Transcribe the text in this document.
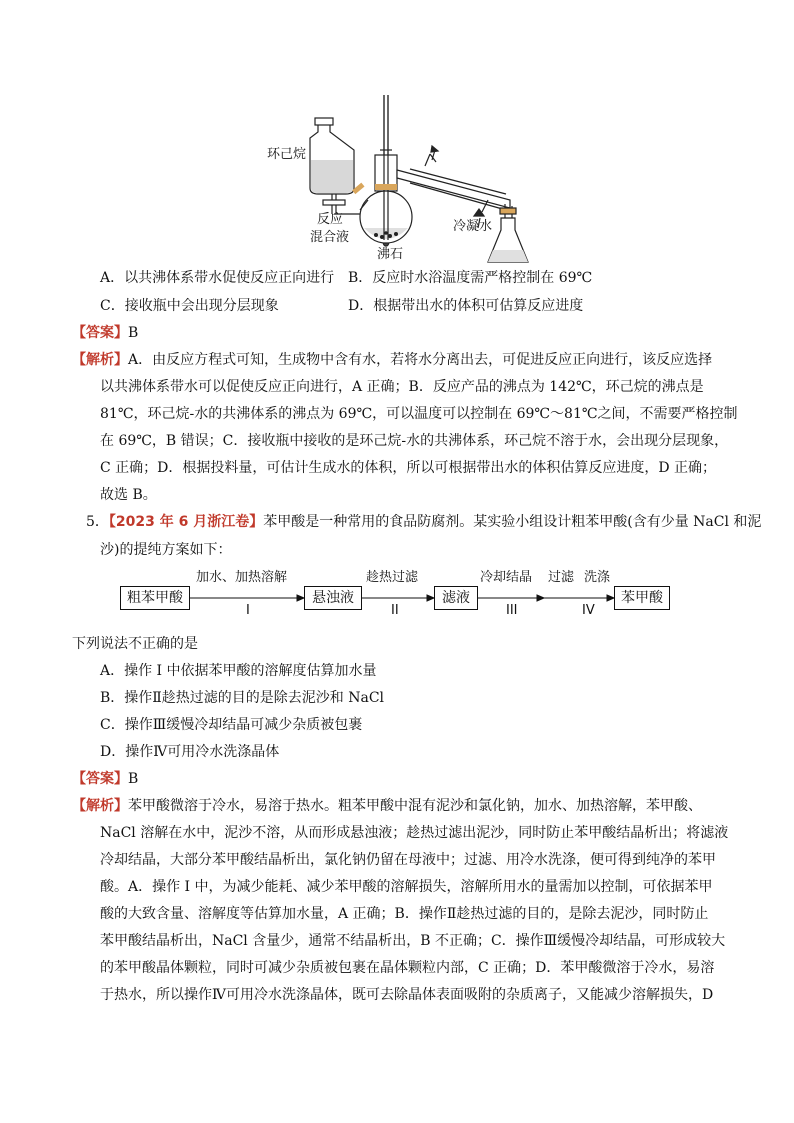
环己烷
反应
混合液
沸石
冷凝水
A．以共沸体系带水促使反应正向进行 B．反应时水浴温度需严格控制在 69℃
C．接收瓶中会出现分层现象	D．根据带出水的体积可估算反应进度
【答案】B
【解析】A．由反应方程式可知，生成物中含有水，若将水分离出去，可促进反应正向进行，该反应选择
以共沸体系带水可以促使反应正向进行，A 正确；B．反应产品的沸点为 142℃，环己烷的沸点是
81℃，环己烷-水的共沸体系的沸点为 69℃，可以温度可以控制在 69℃～81℃之间，不需要严格控制
在 69℃，B 错误；C．接收瓶中接收的是环己烷-水的共沸体系，环己烷不溶于水，会出现分层现象，
C 正确；D．根据投料量，可估计生成水的体积，所以可根据带出水的体积估算反应进度，D 正确；
故选 B。
5．【2023 年 6 月浙江卷】苯甲酸是一种常用的食品防腐剂。某实验小组设计粗苯甲酸(含有少量 NaCl 和泥
沙)的提纯方案如下：
粗苯甲酸	悬浊液	滤液	苯甲酸
加水、加热溶解
I
趁热过滤
II
冷却结晶
III
过滤 洗涤
IV
下列说法不正确的是
A．操作 I 中依据苯甲酸的溶解度估算加水量
B．操作Ⅱ趁热过滤的目的是除去泥沙和 NaCl
C．操作Ⅲ缓慢冷却结晶可减少杂质被包裹
D．操作Ⅳ可用冷水洗涤晶体
【答案】B
【解析】苯甲酸微溶于冷水，易溶于热水。粗苯甲酸中混有泥沙和氯化钠，加水、加热溶解，苯甲酸、
NaCl 溶解在水中，泥沙不溶，从而形成悬浊液；趁热过滤出泥沙，同时防止苯甲酸结晶析出；将滤液
冷却结晶，大部分苯甲酸结晶析出，氯化钠仍留在母液中；过滤、用冷水洗涤，便可得到纯净的苯甲
酸。A．操作 I 中，为减少能耗、减少苯甲酸的溶解损失，溶解所用水的量需加以控制，可依据苯甲
酸的大致含量、溶解度等估算加水量，A 正确；B．操作Ⅱ趁热过滤的目的，是除去泥沙，同时防止
苯甲酸结晶析出，NaCl 含量少，通常不结晶析出，B 不正确；C．操作Ⅲ缓慢冷却结晶，可形成较大
的苯甲酸晶体颗粒，同时可减少杂质被包裹在晶体颗粒内部，C 正确；D．苯甲酸微溶于冷水，易溶
于热水，所以操作Ⅳ可用冷水洗涤晶体，既可去除晶体表面吸附的杂质离子，又能减少溶解损失，D
